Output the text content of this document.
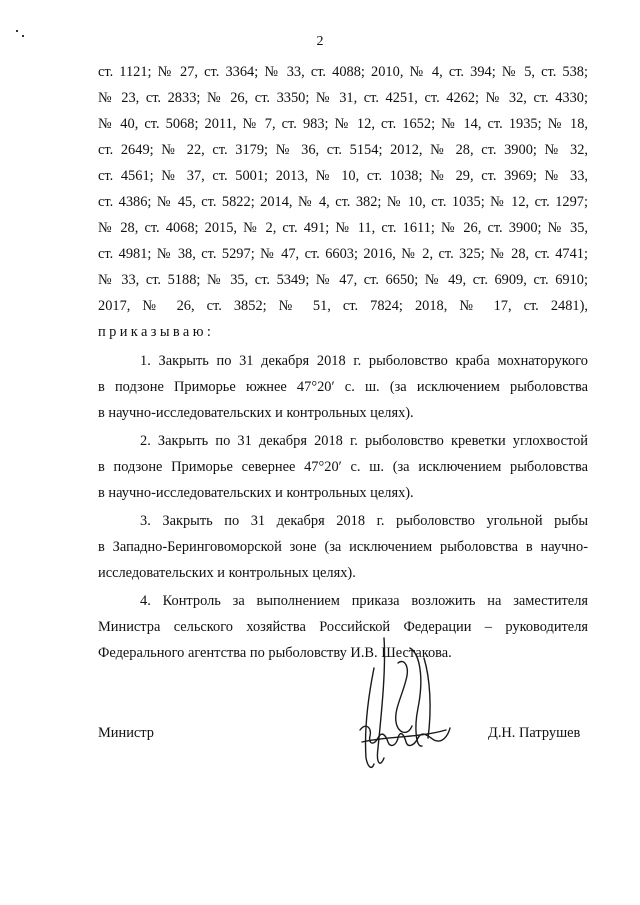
2
ст. 1121; № 27, ст. 3364; № 33, ст. 4088; 2010, № 4, ст. 394; № 5, ст. 538;
№ 23, ст. 2833; № 26, ст. 3350; № 31, ст. 4251, ст. 4262; № 32, ст. 4330;
№ 40, ст. 5068; 2011, № 7, ст. 983; № 12, ст. 1652; № 14, ст. 1935; № 18,
ст. 2649; № 22, ст. 3179; № 36, ст. 5154; 2012, № 28, ст. 3900; № 32,
ст. 4561; № 37, ст. 5001; 2013, № 10, ст. 1038; № 29, ст. 3969; № 33,
ст. 4386; № 45, ст. 5822; 2014, № 4, ст. 382; № 10, ст. 1035; № 12, ст. 1297;
№ 28, ст. 4068; 2015, № 2, ст. 491; № 11, ст. 1611; № 26, ст. 3900; № 35,
ст. 4981; № 38, ст. 5297; № 47, ст. 6603; 2016, № 2, ст. 325; № 28, ст. 4741;
№ 33, ст. 5188; № 35, ст. 5349; № 47, ст. 6650; № 49, ст. 6909, ст. 6910;
2017, № 26, ст. 3852; № 51, ст. 7824; 2018, № 17, ст. 2481),
приказываю:
1. Закрыть по 31 декабря 2018 г. рыболовство краба мохнаторукого
в подзоне Приморье южнее 47°20′ с. ш. (за исключением рыболовства
в научно-исследовательских и контрольных целях).
2. Закрыть по 31 декабря 2018 г. рыболовство креветки углохвостой
в подзоне Приморье севернее 47°20′ с. ш. (за исключением рыболовства
в научно-исследовательских и контрольных целях).
3. Закрыть по 31 декабря 2018 г. рыболовство угольной рыбы
в Западно-Беринговоморской зоне (за исключением рыболовства в научно-
исследовательских и контрольных целях).
4. Контроль за выполнением приказа возложить на заместителя
Министра сельского хозяйства Российской Федерации – руководителя
Федерального агентства по рыболовству И.В. Шестакова.
Министр	Д.Н. Патрушев
